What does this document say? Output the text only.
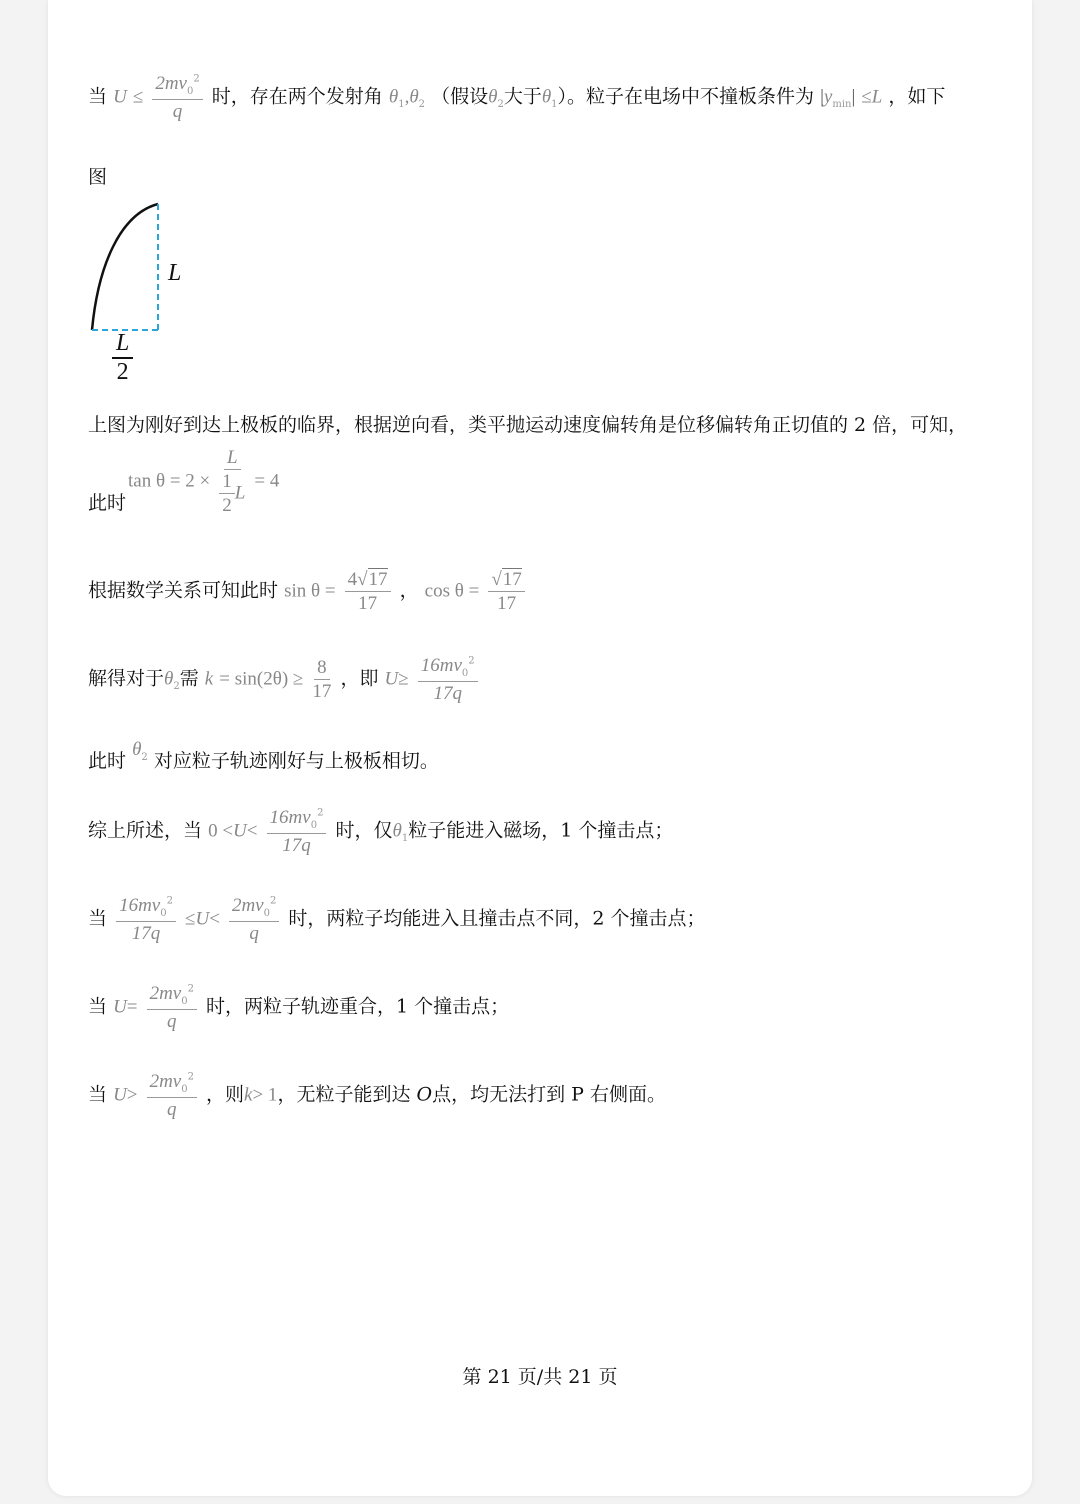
当 $U \le \frac{2mv_0^2}{q}$ 时，存在两个发射角 $\theta_1,\theta_2$ （假设$\theta_2$大于$\theta_1$）。粒子在电场中不撞板条件为 $|y_{min}| \le L$ ，如下
图
L
L
2
上图为刚好到达上极板的临界，根据逆向看，类平抛运动速度偏转角是位移偏转角正切值的 2 倍，可知，
$\tan \theta = 2 \times \frac{L}{\frac{1}{2} L} = 4$
此时
根据数学关系可知此时 $\sin \theta = \frac{4√17}{17}$ ， $\cos \theta = \frac{√17}{17}$
解得对于$\theta_2$需 $k = \sin(2\theta) \ge \frac{8}{17}$ ，即 $U\ge \frac{16mv_0^2}{17q}$
此时 $\theta_2$ 对应粒子轨迹刚好与上极板相切。
综上所述，当 $0 <U< \frac{16mv_0^2}{17q}$ 时，仅$\theta_1$粒子能进入磁场，1 个撞击点；
当 $\frac{16mv_0^2}{17q} \le U< \frac{2mv_0^2}{q}$ 时，两粒子均能进入且撞击点不同，2 个撞击点；
当 $U= \frac{2mv_0^2}{q}$ 时，两粒子轨迹重合，1 个撞击点；
当 $U> \frac{2mv_0^2}{q}$ ，则k> 1，无粒子能到达 O点，均无法打到 P 右侧面。
第 21 页/共 21 页
